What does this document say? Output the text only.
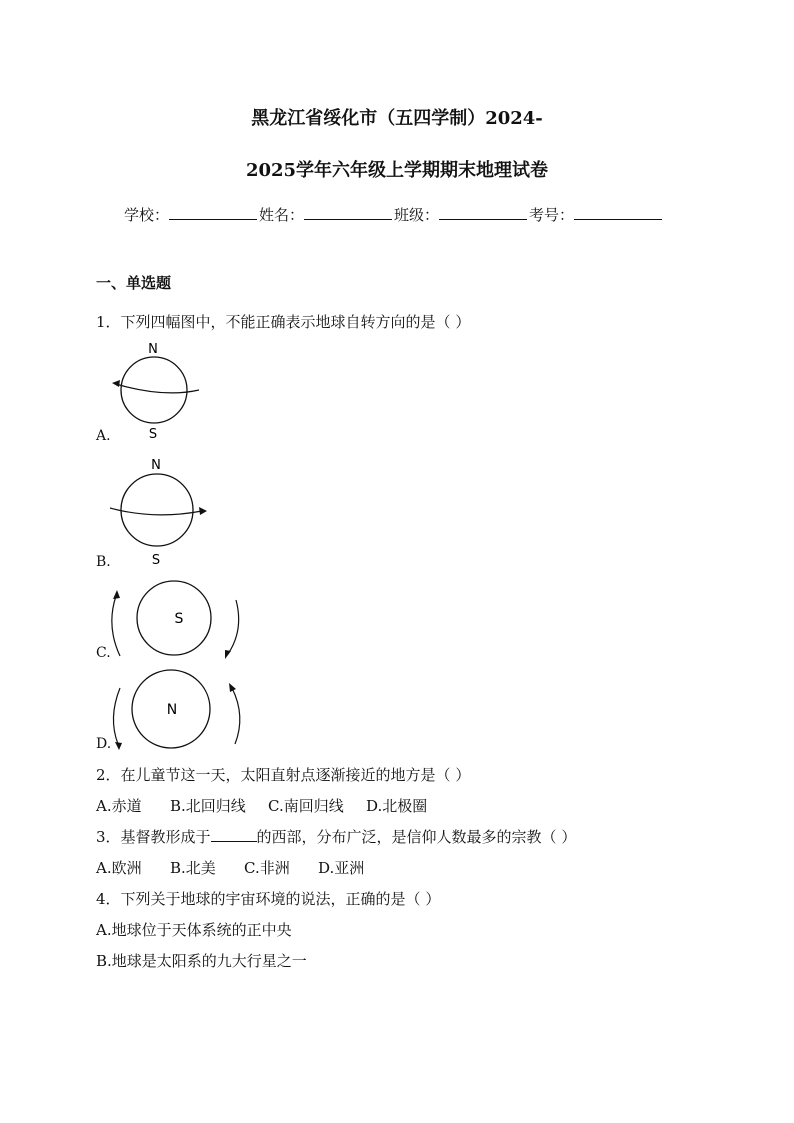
黑龙江省绥化市（五四学制）2024-
2025学年六年级上学期期末地理试卷
学校：	姓名：	班级：	考号：
一、单选题
1．下列四幅图中，不能正确表示地球自转方向的是（ ）
N
S
A.
N
S
B.
S
C.
N
D.
2．在儿童节这一天，太阳直射点逐渐接近的地方是（ ）
A.赤道	B.北回归线	C.南回归线	D.北极圈
3．基督教形成于	的西部，分布广泛，是信仰人数最多的宗教（ ）
A.欧洲	B.北美	C.非洲	D.亚洲
4．下列关于地球的宇宙环境的说法，正确的是（ ）
A.地球位于天体系统的正中央
B.地球是太阳系的九大行星之一
